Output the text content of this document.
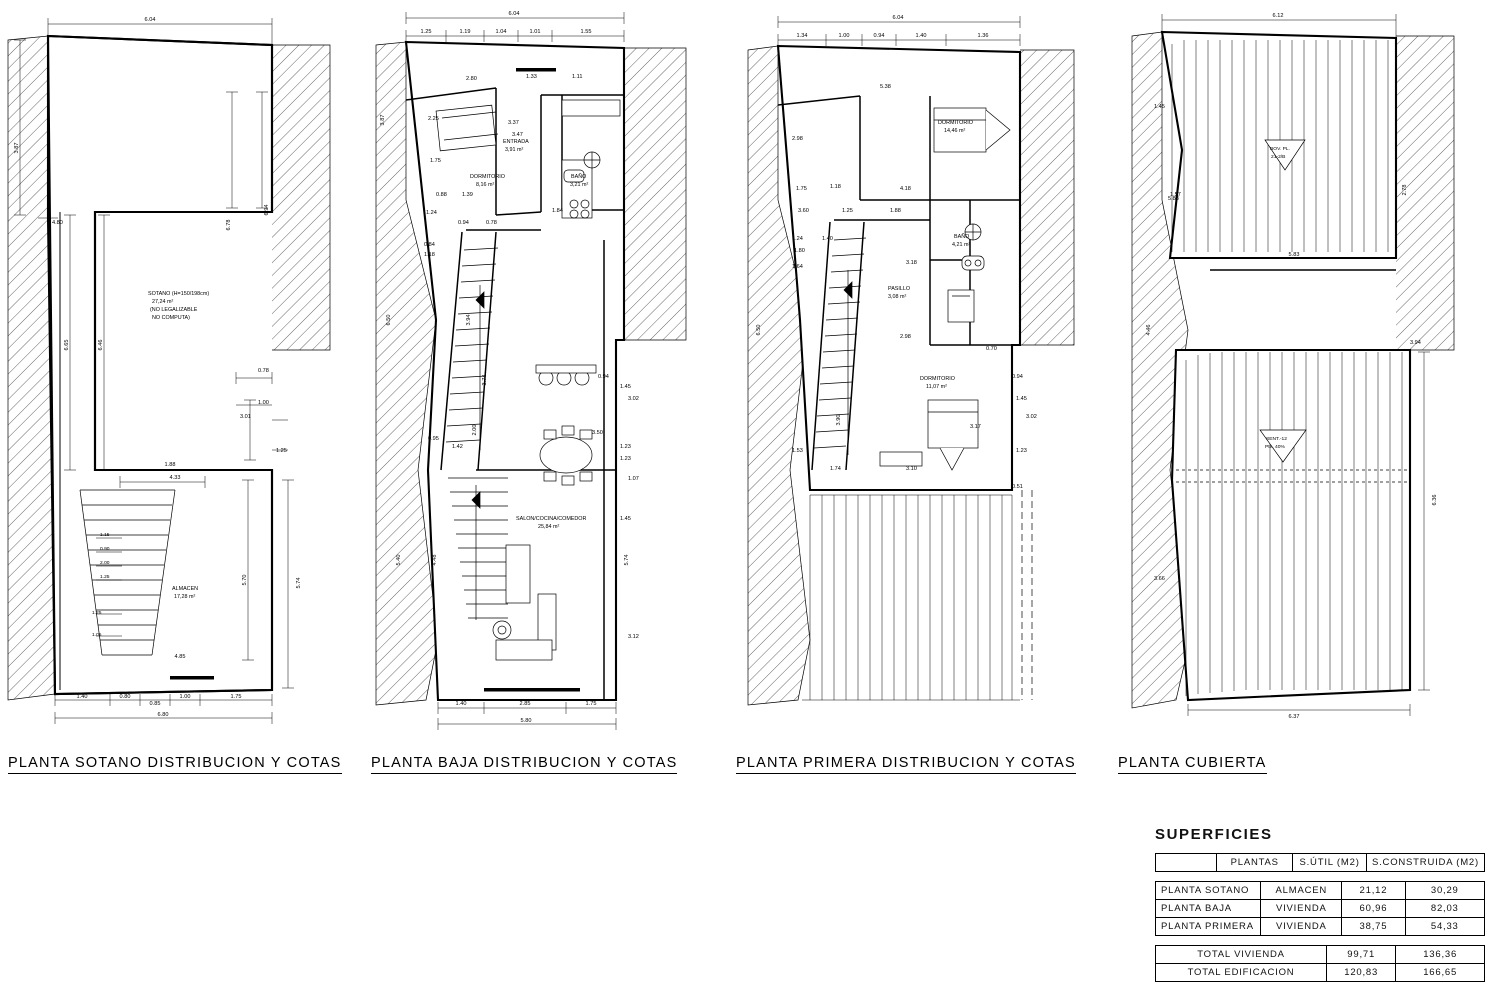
SOTANO (H=150/198cm)
27,24 m²
(NO LEGALIZABLE
NO COMPUTA)
ALMACEN
17,28 m²
6.04
3.87
4.80
6.65	6.46
6.78
6.94
0.78
1.00
3.01
1.25
1.88
4.33
5.70	5.74
1.15
0.90
2.00
1.25
1.25
1.05
4.85
1.40	0.80
0.85
1.00	1.75
6.80
PLANTA SOTANO DISTRIBUCION Y COTAS
DORMITORIO
8,16 m²
ENTRADA
3,91 m²
BAÑO
3,21 m²
SALON/COCINA/COMEDOR
25,84 m²
6.04
1.25	1.19	1.04	1.01	1.55
2.80	1.33	1.11
3.87	2.25
3.37
3.47
1.75
0.88	1.39
1.24
0.94	0.78
1.84
0.84
1.18
6.50	3.94
3.74	0.94
3.02
1.45
3.50
1.23
1.23
1.07
1.45
5.74
3.12
0.95
1.42
2.00
5.40	4.48
1.40	2.85	1.75
5.80
PLANTA BAJA DISTRIBUCION Y COTAS
DORMITORIO
14,46 m²
BAÑO
4,21 m²
PASILLO
3,08 m²
DORMITORIO
11,07 m²
6.04
1.34	1.00	0.94	1.40	1.36
5.38
2.98
4.18
1.75	1.18
3.60	1.25	1.88
1.24
1.80
1.40
3.18
1.64
2.98
6.50
0.70
0.94
3.90
3.17
1.45
3.02
1.53	1.23
1.74	3.10
0.51
PLANTA PRIMERA DISTRIBUCION Y COTAS
BOV. PL.
21-2/B
SENT.-12
Pte. 40%
6.12
1.45
2.78
5.83
5.83
4.46
3.94
6.36
3.66
6.37
1.57
PLANTA CUBIERTA
SUPERFICIES
	PLANTAS	S.ÚTIL (M2)	S.CONSTRUIDA (M2)
PLANTA SOTANO	ALMACEN	21,12	30,29
PLANTA BAJA	VIVIENDA	60,96	82,03
PLANTA PRIMERA	VIVIENDA	38,75	54,33
TOTAL VIVIENDA	99,71	136,36
TOTAL EDIFICACION	120,83	166,65
